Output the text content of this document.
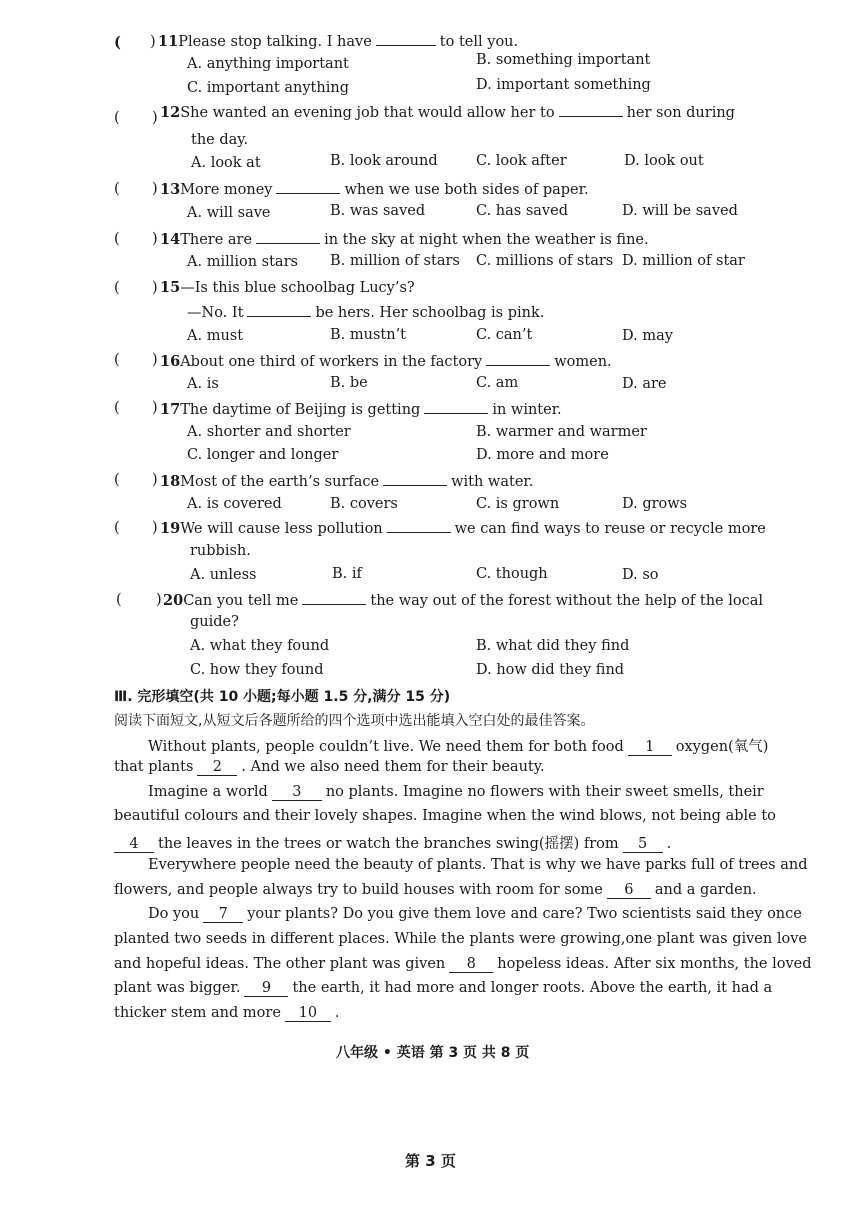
( ) 11Please stop talking. I have	to tell you.
A. anything important	B. something important
C. important anything	D. important something
( ) 12She wanted an evening job that would allow her to	her son during
the day.
A. look at	B. look around	C. look after	D. look out
( ) 13More money	when we use both sides of paper.
A. will save	B. was saved	C. has saved	D. will be saved
( ) 14There are	in the sky at night when the weather is fine.
A. million stars B. million of stars C. millions of stars D. million of star
( ) 15—Is this blue schoolbag Lucy’s?
—No. It	be hers. Her schoolbag is pink.
A. must	B. mustn’t	C. can’t	D. may
( ) 16About one third of workers in the factory	women.
A. is	B. be	C. am	D. are
( ) 17The daytime of Beijing is getting	in winter.
A. shorter and shorter	B. warmer and warmer
C. longer and longer	D. more and more
( ) 18Most of the earth’s surface	with water.
A. is covered	B. covers	C. is grown	D. grows
( ) 19We will cause less pollution	we can find ways to reuse or recycle more
rubbish.
A. unless	B. if	C. though	D. so
( ) 20Can you tell me	the way out of the forest without the help of the local
guide?
A. what they found	B. what did they find
C. how they found	D. how did they find
Ⅲ. 完形填空(共 10 小题;每小题 1.5 分,满分 15 分)
阅读下面短文,从短文后各题所给的四个选项中选出能填入空白处的最佳答案。
Without plants, people couldn’t live. We need them for both food 1 oxygen(氧气)
that plants 2 . And we also need them for their beauty.
Imagine a world 3 no plants. Imagine no flowers with their sweet smells, their
beautiful colours and their lovely shapes. Imagine when the wind blows, not being able to
4 the leaves in the trees or watch the branches swing(摇摆) from 5 .
Everywhere people need the beauty of plants. That is why we have parks full of trees and
flowers, and people always try to build houses with room for some 6 and a garden.
Do you 7 your plants? Do you give them love and care? Two scientists said they once
planted two seeds in different places. While the plants were growing,one plant was given love
and hopeful ideas. The other plant was given 8 hopeless ideas. After six months, the loved
plant was bigger. 9 the earth, it had more and longer roots. Above the earth, it had a
thicker stem and more 10 .
八年级 • 英语 第 3 页 共 8 页
第 3 页
